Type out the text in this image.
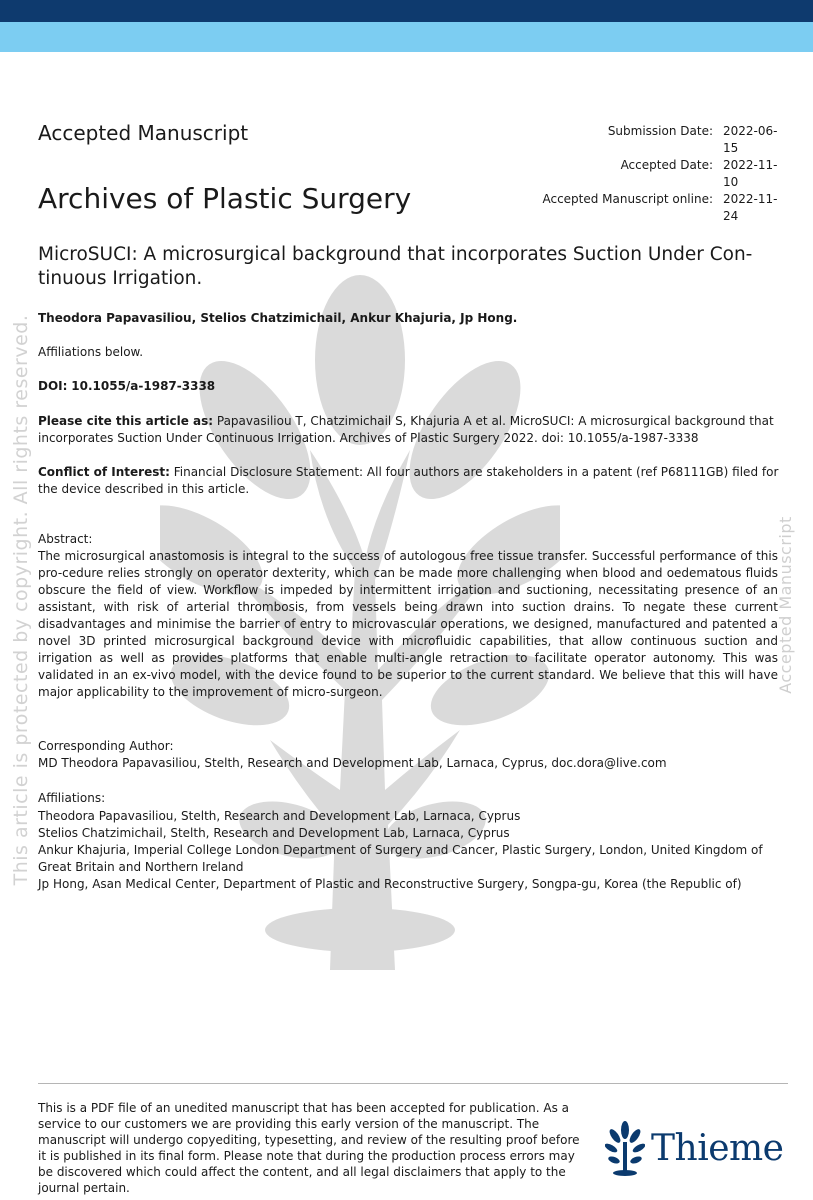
This article is protected by copyright. All rights reserved.	Accepted Manuscript
Accepted Manuscript	Submission Date: 2022-06-15
Accepted Date: 2022-11-10
Accepted Manuscript online: 2022-11-24
Archives of Plastic Surgery
MicroSUCI: A microsurgical background that incorporates Suction Under Con-tinuous Irrigation.
Theodora Papavasiliou, Stelios Chatzimichail, Ankur Khajuria, Jp Hong.
Affiliations below.
DOI: 10.1055/a-1987-3338
Please cite this article as: Papavasiliou T, Chatzimichail S, Khajuria A et al. MicroSUCI: A microsurgical background that incorporates Suction Under Continuous Irrigation. Archives of Plastic Surgery 2022. doi: 10.1055/a-1987-3338
Conflict of Interest: Financial Disclosure Statement: All four authors are stakeholders in a patent (ref P68111GB) filed for the device described in this article.
Abstract:
The microsurgical anastomosis is integral to the success of autologous free tissue transfer. Successful performance of this pro-cedure relies strongly on operator dexterity, which can be made more challenging when blood and oedematous fluids obscure the field of view. Workflow is impeded by intermittent irrigation and suctioning, necessitating presence of an assistant, with risk of arterial thrombosis, from vessels being drawn into suction drains. To negate these current disadvantages and minimise the barrier of entry to microvascular operations, we designed, manufactured and patented a novel 3D printed microsurgical background device with microfluidic capabilities, that allow continuous suction and irrigation as well as provides platforms that enable multi-angle retraction to facilitate operator autonomy. This was validated in an ex-vivo model, with the device found to be superior to the current standard. We believe that this will have major applicability to the improvement of micro-surgeon.
Corresponding Author:
MD Theodora Papavasiliou, Stelth, Research and Development Lab, Larnaca, Cyprus, doc.dora@live.com
Affiliations:
Theodora Papavasiliou, Stelth, Research and Development Lab, Larnaca, Cyprus
Stelios Chatzimichail, Stelth, Research and Development Lab, Larnaca, Cyprus
Ankur Khajuria, Imperial College London Department of Surgery and Cancer, Plastic Surgery, London, United Kingdom of Great Britain and Northern Ireland
Jp Hong, Asan Medical Center, Department of Plastic and Reconstructive Surgery, Songpa-gu, Korea (the Republic of)
This is a PDF file of an unedited manuscript that has been accepted for publication. As a service to our customers we are providing this early version of the manuscript. The manuscript will undergo copyediting, typesetting, and review of the resulting proof before it is published in its final form. Please note that during the production process errors may be discovered which could affect the content, and all legal disclaimers that apply to the journal pertain.
Thieme
